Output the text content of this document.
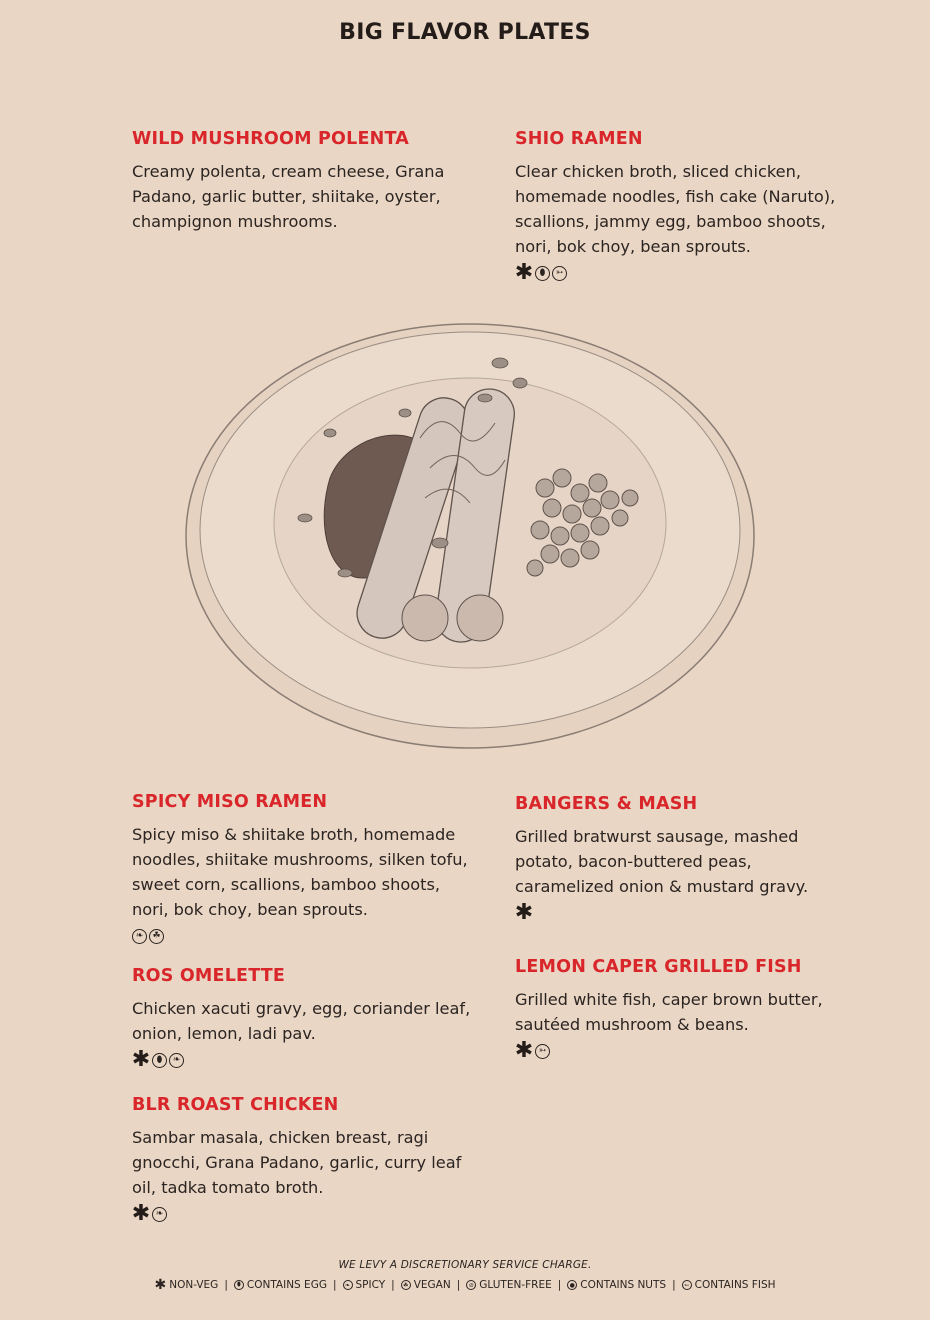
BIG FLAVOR PLATES
WILD MUSHROOM POLENTA

Creamy polenta, cream cheese, Grana Padano, garlic butter, shiitake, oyster, champignon mushrooms.

SHIO RAMEN

Clear chicken broth, sliced chicken, homemade noodles, fish cake (Naruto), scallions, jammy egg, bamboo shoots, nori, bok choy, bean sprouts.

✱ ⬮	➳
SPICY MISO RAMEN

Spicy miso & shiitake broth, homemade noodles, shiitake mushrooms, silken tofu, sweet corn, scallions, bamboo shoots, nori, bok choy, bean sprouts.

❧	☘
BANGERS & MASH

Grilled bratwurst sausage, mashed potato, bacon-buttered peas, caramelized onion & mustard gravy.

✱
ROS OMELETTE

Chicken xacuti gravy, egg, coriander leaf, onion, lemon, ladi pav.

✱ ⬮	❧
LEMON CAPER GRILLED FISH

Grilled white fish, caper brown butter, sautéed mushroom & beans.

✱ ➳
BLR ROAST CHICKEN

Sambar masala, chicken breast, ragi gnocchi, Grana Padano, garlic, curry leaf oil, tadka tomato broth.

✱ ❧
WE LEVY A DISCRETIONARY SERVICE CHARGE.
✱ NON-VEG |	⬮ CONTAINS EGG |	❧ SPICY |	☘ VEGAN |	⊘ GLUTEN-FREE |	● CONTAINS NUTS |	➳ CONTAINS FISH
